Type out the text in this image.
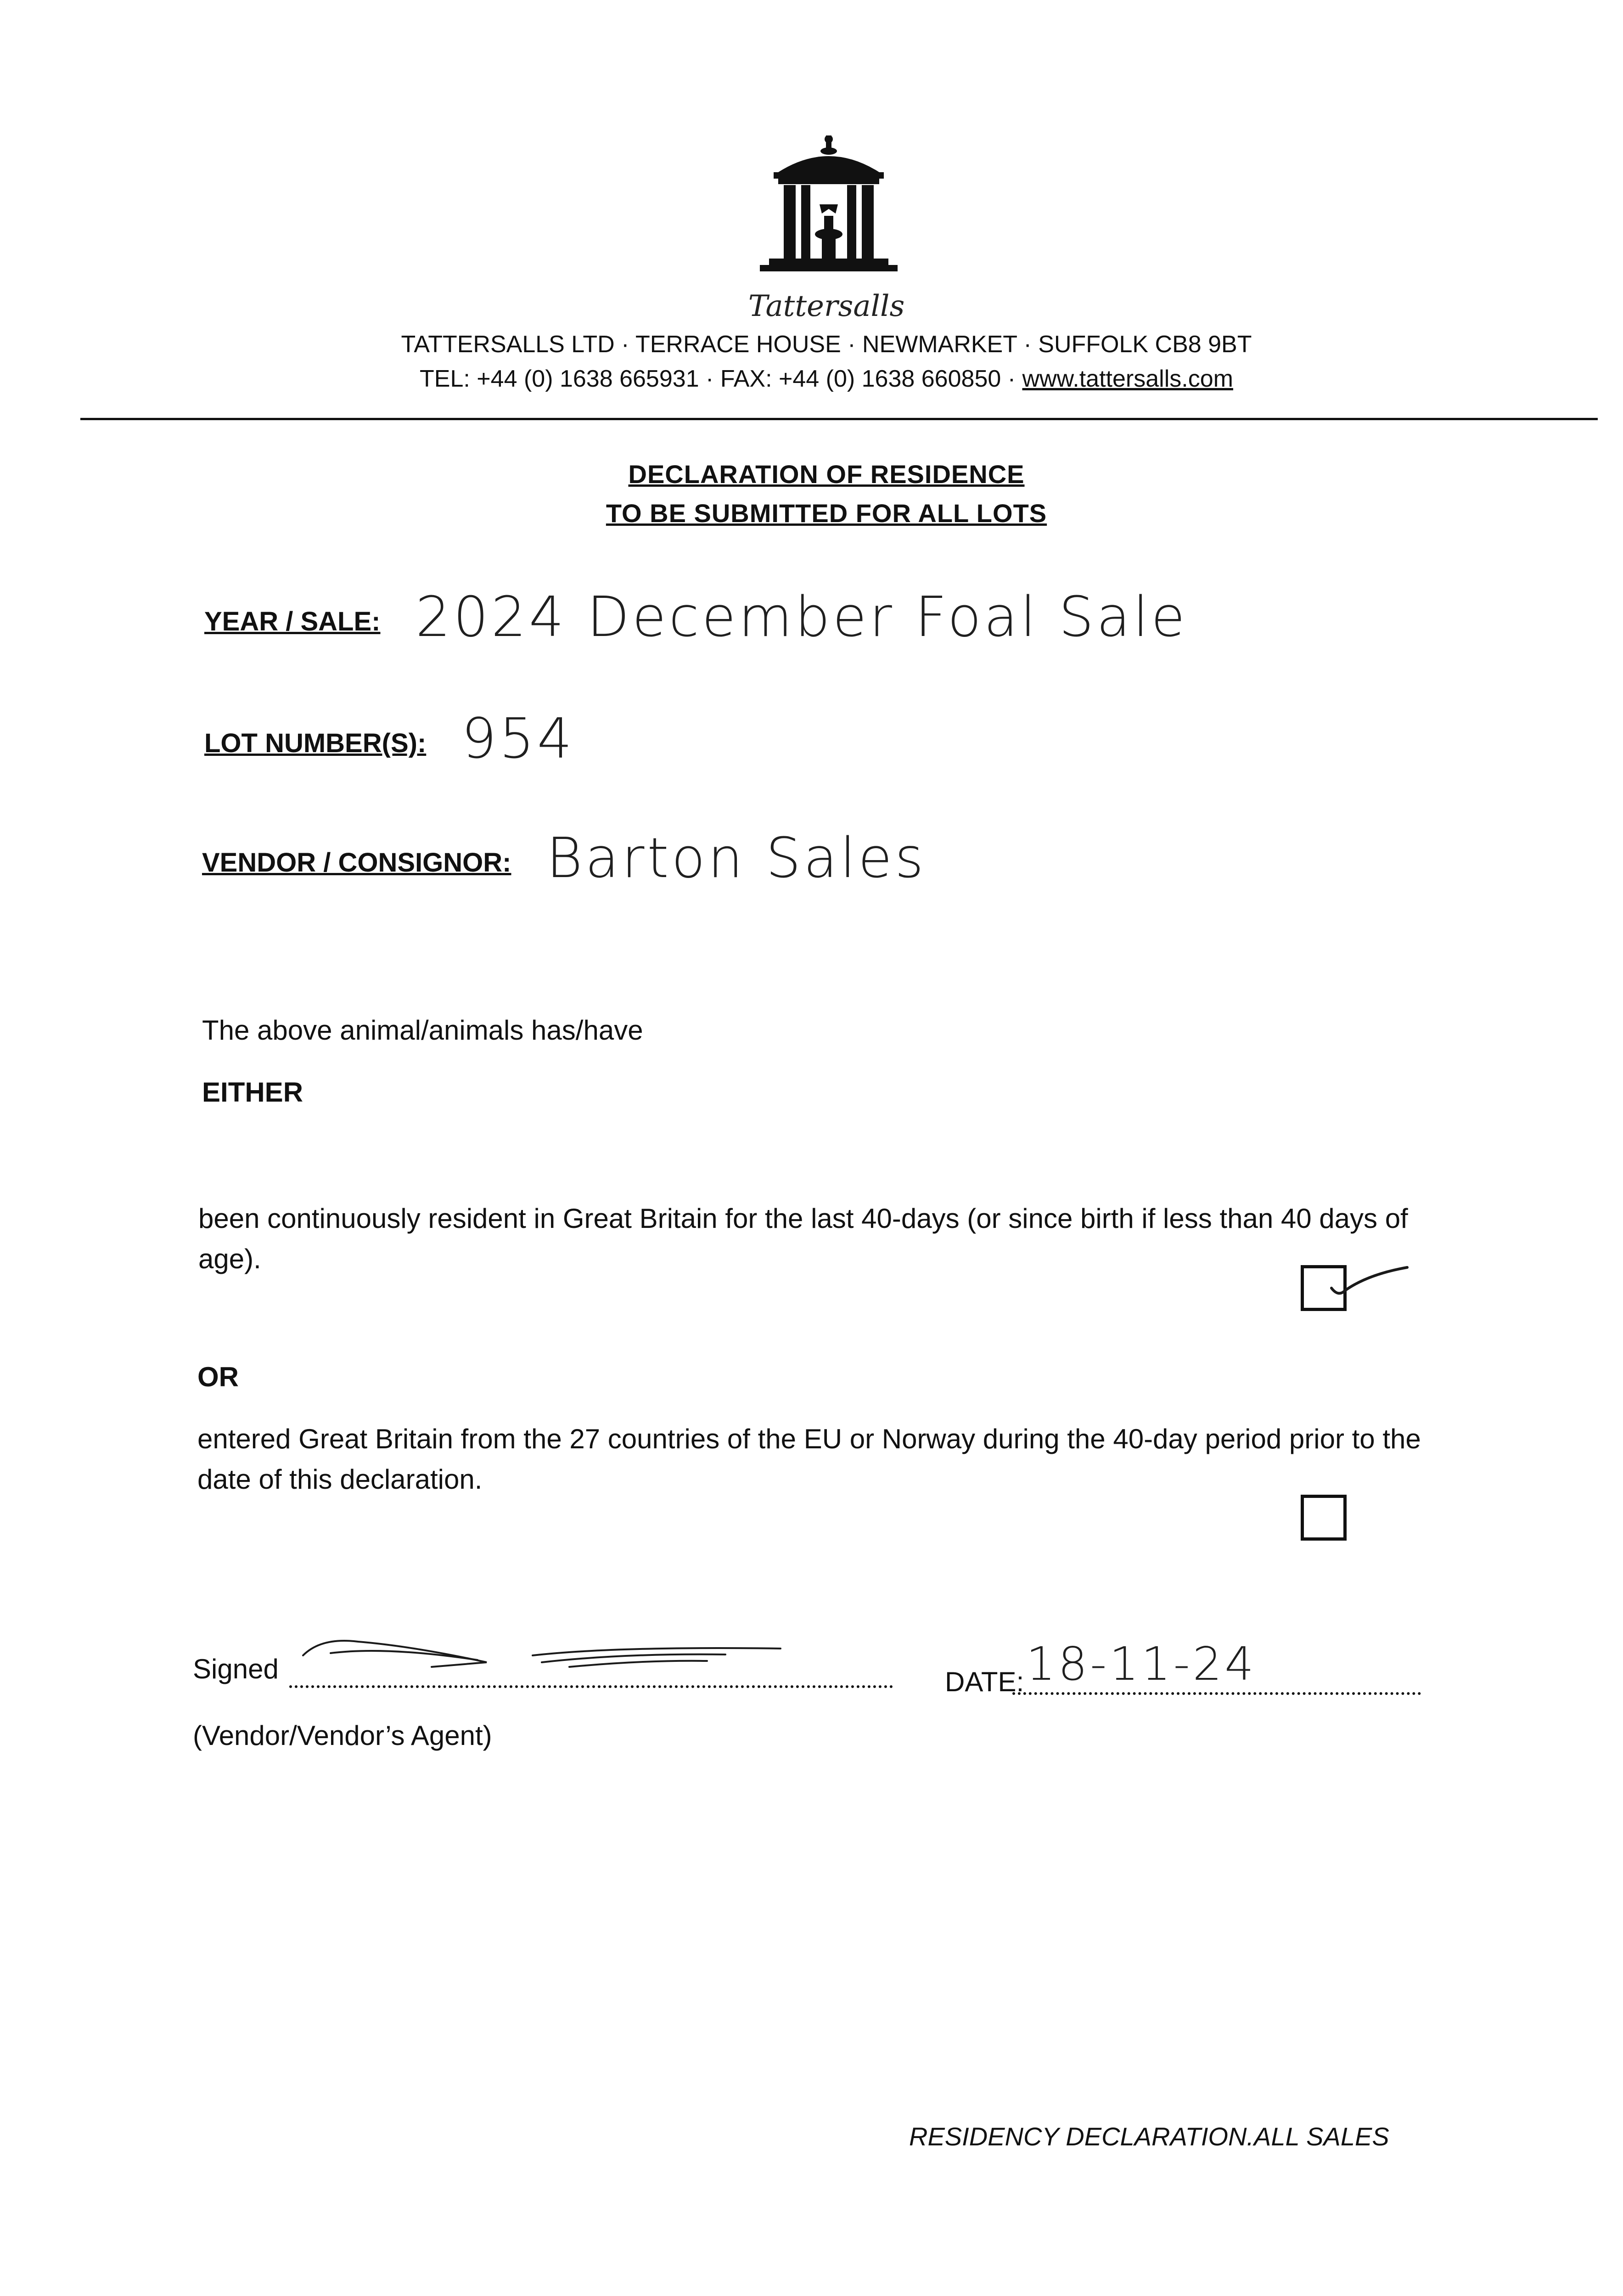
Tattersalls
TATTERSALLS LTD · TERRACE HOUSE · NEWMARKET · SUFFOLK CB8 9BT
TEL: +44 (0) 1638 665931 · FAX: +44 (0) 1638 660850 · www.tattersalls.com
DECLARATION OF RESIDENCE
TO BE SUBMITTED FOR ALL LOTS
YEAR / SALE: 2024 December Foal Sale
LOT NUMBER(S): 954
VENDOR / CONSIGNOR: Barton Sales
The above animal/animals has/have
EITHER
been continuously resident in Great Britain for the last 40-days (or since birth if less than 40 days of age).
OR
entered Great Britain from the 27 countries of the EU or Norway during the 40-day period prior to the date of this declaration.
Signed	DATE: 18-11-24
(Vendor/Vendor’s Agent)
RESIDENCY DECLARATION.ALL SALES
